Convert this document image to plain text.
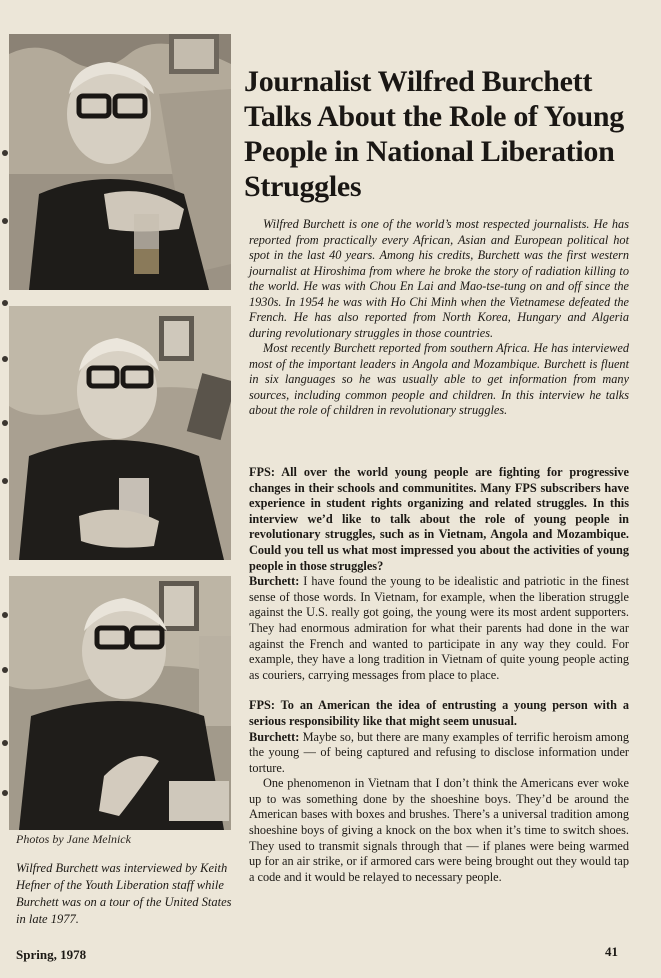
Photos by Jane Melnick
Wilfred Burchett was interviewed by Keith Hefner of the Youth Liberation staff while Burchett was on a tour of the United States in late 1977.
Journalist Wilfred Burchett Talks About the Role of Young People in National Liberation Struggles

Wilfred Burchett is one of the world’s most respected journalists. He has reported from practically every African, Asian and European political hot spot in the last 40 years. Among his credits, Burchett was the first western journalist at Hiroshima from where he broke the story of radiation killing to the world. He was with Chou En Lai and Mao-tse-tung on and off since the 1930s. In 1954 he was with Ho Chi Minh when the Vietnamese defeated the French. He has also reported from North Korea, Hungary and Algeria during revolutionary struggles in those countries.

Most recently Burchett reported from southern Africa. He has interviewed most of the important leaders in Angola and Mozambique. Burchett is fluent in six languages so he was usually able to get information from many sources, including common people and children. In this interview he talks about the role of children in revolutionary struggles.

FPS: All over the world young people are fighting for progressive changes in their schools and communitites. Many FPS subscribers have experience in student rights organizing and related struggles. In this interview we’d like to talk about the role of young people in revolutionary struggles, such as in Vietnam, Angola and Mozambique. Could you tell us what most impressed you about the activities of young people in those struggles?

Burchett: I have found the young to be idealistic and patriotic in the finest sense of those words. In Vietnam, for example, when the liberation struggle against the U.S. really got going, the young were its most ardent supporters. They had enormous admiration for what their parents had done in the war against the French and wanted to participate in any way they could. For example, they have a long tradition in Vietnam of quite young people acting as couriers, carrying messages from place to place.

FPS: To an American the idea of entrusting a young person with a serious responsibility like that might seem unusual.

Burchett: Maybe so, but there are many examples of terrific heroism among the young — of being captured and refusing to disclose information under torture.

One phenomenon in Vietnam that I don’t think the Americans ever woke up to was something done by the shoeshine boys. They’d be around the American bases with boxes and brushes. There’s a universal tradition among shoeshine boys of giving a knock on the box when it’s time to switch shoes. They used to transmit signals through that — if planes were being warmed up for an air strike, or if armored cars were being brought out they would tap a code and it would be relayed to necessary people.

Spring, 1978	41
